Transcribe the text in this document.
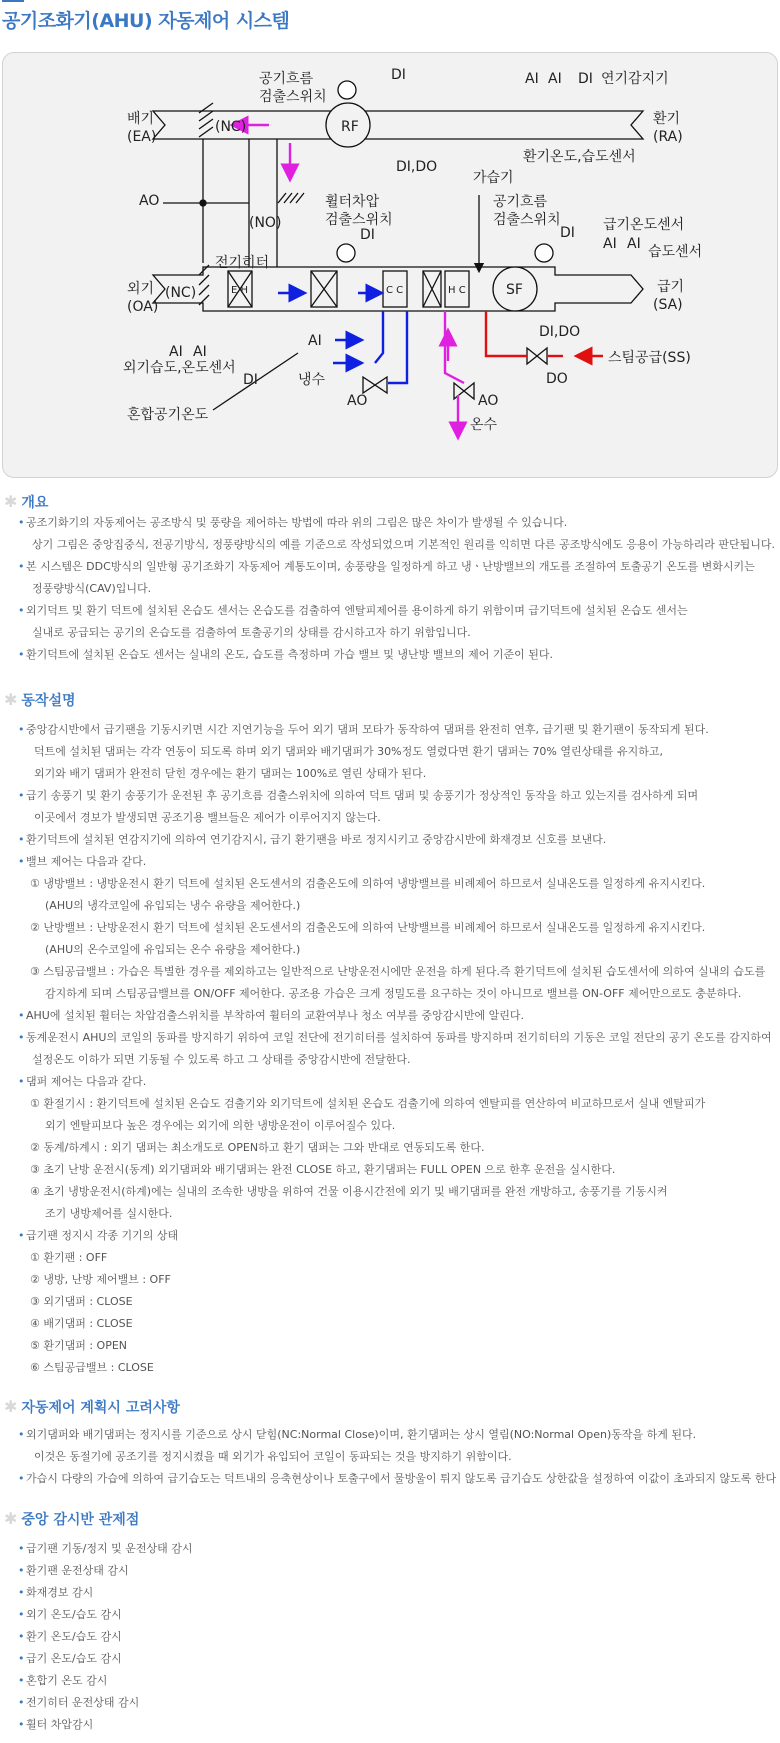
공기조화기(AHU) 자동제어 시스템
공기흐름
검출스위치
DI	AI AI DI 연기감지기
배기
(EA)
(NC)	RF	환기
(RA)
DI,DO
환기온도,습도센서
AO
(NO)
휠터차압
검출스위치
DI
가습기
공기흐름
검출스위치
DI 급기온도센서
AI AI 습도센서
전기히터
외기
(OA)
(NC)	E H	C C	H C	SF	급기
(SA)
AI
DI,DO
AI AI
외기습도,온도센서
DI	냉수
AO	AO
스팀공급(SS)
DO
온수
혼합공기온도
✱ 개요
• 공조기화기의 자동제어는 공조방식 및 풍량을 제어하는 방법에 따라 위의 그림은 많은 차이가 발생될 수 있습니다.
상기 그림은 중앙집중식, 전공기방식, 정풍량방식의 예를 기준으로 작성되었으며 기본적인 원리를 익히면 다른 공조방식에도 응용이 가능하리라 판단됩니다.
• 본 시스템은 DDC방식의 일반형 공기조화기 자동제어 계통도이며, 송풍량을 일정하게 하고 냉ㆍ난방밸브의 개도를 조절하여 토출공기 온도를 변화시키는
정풍량방식(CAV)입니다.
• 외기덕트 및 환기 덕트에 설치된 온습도 센서는 온습도를 검출하여 엔탈피제어를 용이하게 하기 위함이며 급기덕트에 설치된 온습도 센서는
실내로 공급되는 공기의 온습도를 검출하여 토출공기의 상태를 감시하고자 하기 위함입니다.
• 환기덕트에 설치된 온습도 센서는 실내의 온도, 습도를 측정하며 가습 밸브 및 냉난방 밸브의 제어 기준이 된다.
✱ 동작설명
• 중앙감시반에서 급기팬을 기동시키면 시간 지연기능을 두어 외기 댐퍼 모타가 동작하여 댐퍼를 완전히 연후, 급기팬 및 환기팬이 동작되게 된다.
덕트에 설치된 댐퍼는 각각 연동이 되도록 하며 외기 댐퍼와 배기댐퍼가 30%정도 열렸다면 환기 댐퍼는 70% 열린상태를 유지하고,
외기와 배기 댐퍼가 완전히 닫힌 경우에는 환기 댐퍼는 100%로 열린 상태가 된다.
• 급기 송풍기 및 환기 송풍기가 운전된 후 공기흐름 검출스위치에 의하여 덕트 댐퍼 및 송풍기가 정상적인 동작을 하고 있는지를 검사하게 되며
이곳에서 경보가 발생되면 공조기용 밸브들은 제어가 이루어지지 않는다.
• 환기덕트에 설치된 연감지기에 의하여 연기감지시, 급기 환기팬을 바로 정지시키고 중앙감시반에 화재경보 신호를 보낸다.
• 밸브 제어는 다음과 같다.
① 냉방밸브 : 냉방운전시 환기 덕트에 설치된 온도센서의 검출온도에 의하여 냉방밸브를 비례제어 하므로서 실내온도를 일정하게 유지시킨다.
(AHU의 냉각코일에 유입되는 냉수 유량을 제어한다.)
② 난방밸브 : 난방운전시 환기 덕트에 설치된 온도센서의 검출온도에 의하여 난방밸브를 비례제어 하므로서 실내온도를 일정하게 유지시킨다.
(AHU의 온수코일에 유입되는 온수 유량을 제어한다.)
③ 스팀공급밸브 : 가습은 특별한 경우를 제외하고는 일반적으로 난방운전시에만 운전을 하게 된다.즉 환기덕트에 설치된 습도센서에 의하여 실내의 습도를
감지하게 되며 스팀공급밸브를 ON/OFF 제어한다. 공조용 가습은 크게 정밀도를 요구하는 것이 아니므로 밸브를 ON-OFF 제어만으로도 충분하다.
• AHU에 설치된 휠터는 차압검출스위치를 부착하여 휠터의 교환여부나 청소 여부를 중앙감시반에 알린다.
• 동계운전시 AHU의 코일의 동파를 방지하기 위하여 코일 전단에 전기히터를 설치하여 동파를 방지하며 전기히터의 기동은 코일 전단의 공기 온도를 감지하여
설정온도 이하가 되면 기동될 수 있도록 하고 그 상태를 중앙감시반에 전달한다.
• 댐퍼 제어는 다음과 같다.
① 환절기시 : 환기덕트에 설치된 온습도 검출기와 외기덕트에 설치된 온습도 검출기에 의하여 엔탈피를 연산하여 비교하므로서 실내 엔탈피가
외기 엔탈피보다 높은 경우에는 외기에 의한 냉방운전이 이루어질수 있다.
② 동계/하계시 : 외기 댐퍼는 최소개도로 OPEN하고 환기 댐퍼는 그와 반대로 연동되도록 한다.
③ 초기 난방 운전시(동계) 외기댐퍼와 배기댐퍼는 완전 CLOSE 하고, 환기댐퍼는 FULL OPEN 으로 한후 운전을 실시한다.
④ 초기 냉방운전시(하계)에는 실내의 조속한 냉방을 위하여 건물 이용시간전에 외기 및 배기댐퍼를 완전 개방하고, 송풍기를 기동시켜
조기 냉방제어를 실시한다.
• 급기팬 정지시 각종 기기의 상태
① 환기팬 : OFF
② 냉방, 난방 제어밸브 : OFF
③ 외기댐퍼 : CLOSE
④ 배기댐퍼 : CLOSE
⑤ 환기댐퍼 : OPEN
⑥ 스팀공급밸브 : CLOSE
✱ 자동제어 계획시 고려사항
• 외기댐퍼와 배기댐퍼는 정지시를 기준으로 상시 닫힘(NC:Normal Close)이며, 환기댐퍼는 상시 열림(NO:Normal Open)동작을 하게 된다.
이것은 동절기에 공조기를 정지시켰을 때 외기가 유입되어 코일이 동파되는 것을 방지하기 위함이다.
• 가습시 다량의 가습에 의하여 급기습도는 덕트내의 응축현상이나 토출구에서 물방울이 튀지 않도록 급기습도 상한값을 설정하여 이값이 초과되지 않도록 한다
✱ 중앙 감시반 관제점
• 급기팬 기동/정지 및 운전상태 감시
• 환기팬 운전상태 감시
• 화재경보 감시
• 외기 온도/습도 감시
• 환기 온도/습도 감시
• 급기 온도/습도 감시
• 혼합기 온도 감시
• 전기히터 운전상태 감시
• 휠터 차압감시
